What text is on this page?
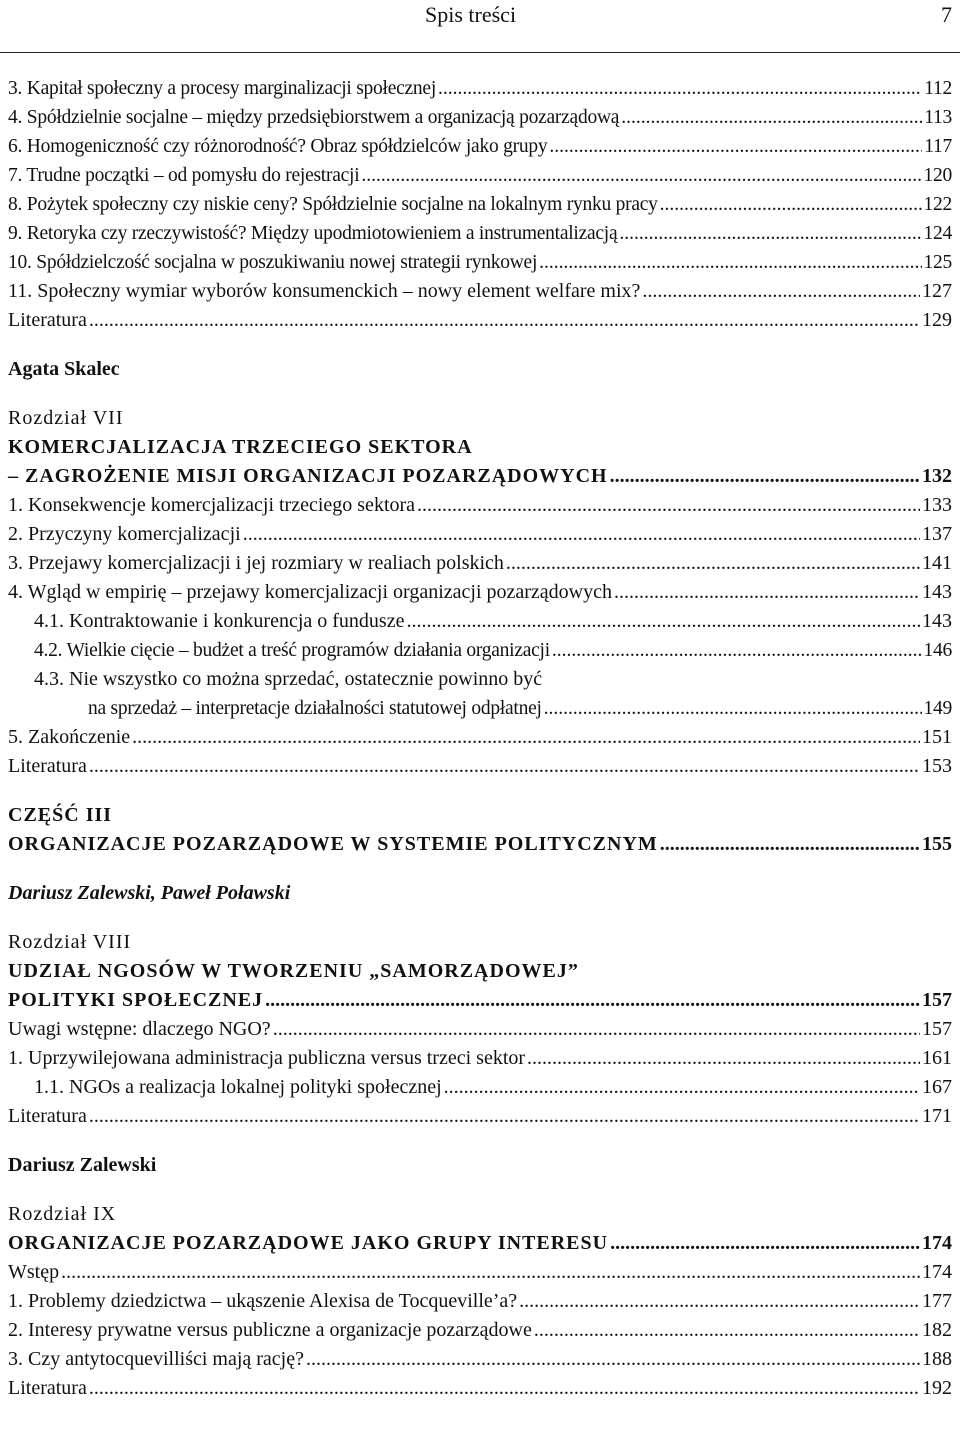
Spis treści	7
3. Kapitał społeczny a procesy marginalizacji społecznej .....	112
4. Spółdzielnie socjalne – między przedsiębiorstwem a organizacją pozarządową .....	113
6. Homogeniczność czy różnorodność? Obraz spółdzielców jako grupy .....	117
7. Trudne początki – od pomysłu do rejestracji .....	120
8. Pożytek społeczny czy niskie ceny? Spółdzielnie socjalne na lokalnym rynku pracy .....	122
9. Retoryka czy rzeczywistość? Między upodmiotowieniem a instrumentalizacją .....	124
10. Spółdzielczość socjalna w poszukiwaniu nowej strategii rynkowej .....	125
11. Społeczny wymiar wyborów konsumenckich – nowy element welfare mix? .....	127
Literatura .....	129
Agata Skalec
Rozdział VII
KOMERCJALIZACJA TRZECIEGO SEKTORA
– ZAGROŻENIE MISJI ORGANIZACJI POZARZĄDOWYCH .....	132
1. Konsekwencje komercjalizacji trzeciego sektora .....	133
2. Przyczyny komercjalizacji .....	137
3. Przejawy komercjalizacji i jej rozmiary w realiach polskich .....	141
4. Wgląd w empirię – przejawy komercjalizacji organizacji pozarządowych .....	143
4.1. Kontraktowanie i konkurencja o fundusze .....	143
4.2. Wielkie cięcie – budżet a treść programów działania organizacji .....	146
4.3. Nie wszystko co można sprzedać, ostatecznie powinno być
na sprzedaż – interpretacje działalności statutowej odpłatnej .....	149
5. Zakończenie .....	151
Literatura .....	153
CZĘŚĆ III
ORGANIZACJE POZARZĄDOWE W SYSTEMIE POLITYCZNYM .....	155
Dariusz Zalewski, Paweł Poławski
Rozdział VIII
UDZIAŁ NGOSÓW W TWORZENIU „SAMORZĄDOWEJ”
POLITYKI SPOŁECZNEJ .....	157
Uwagi wstępne: dlaczego NGO? .....	157
1. Uprzywilejowana administracja publiczna versus trzeci sektor .....	161
1.1. NGOs a realizacja lokalnej polityki społecznej .....	167
Literatura .....	171
Dariusz Zalewski
Rozdział IX
ORGANIZACJE POZARZĄDOWE JAKO GRUPY INTERESU .....	174
Wstęp .....	174
1. Problemy dziedzictwa – ukąszenie Alexisa de Tocqueville’a? .....	177
2. Interesy prywatne versus publiczne a organizacje pozarządowe .....	182
3. Czy antytocquevilliści mają rację? .....	188
Literatura .....	192
